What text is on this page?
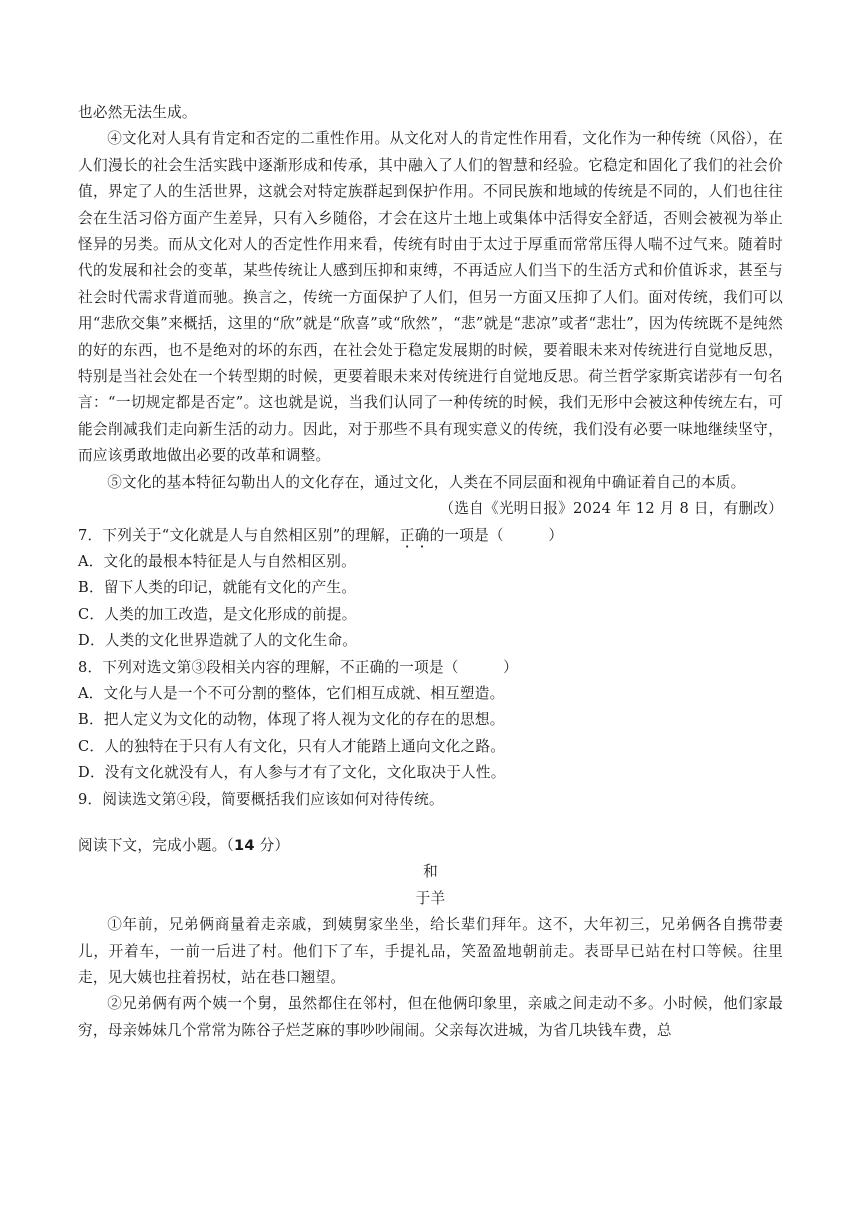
也必然无法生成。

④文化对人具有肯定和否定的二重性作用。从文化对人的肯定性作用看，文化作为一种传统（风俗），在人们漫长的社会生活实践中逐渐形成和传承，其中融入了人们的智慧和经验。它稳定和固化了我们的社会价值，界定了人的生活世界，这就会对特定族群起到保护作用。不同民族和地域的传统是不同的，人们也往往会在生活习俗方面产生差异，只有入乡随俗，才会在这片土地上或集体中活得安全舒适，否则会被视为举止怪异的另类。而从文化对人的否定性作用来看，传统有时由于太过于厚重而常常压得人喘不过气来。随着时代的发展和社会的变革，某些传统让人感到压抑和束缚，不再适应人们当下的生活方式和价值诉求，甚至与社会时代需求背道而驰。换言之，传统一方面保护了人们，但另一方面又压抑了人们。面对传统，我们可以用“悲欣交集”来概括，这里的“欣”就是“欣喜”或“欣然”，“悲”就是“悲凉”或者“悲壮”，因为传统既不是纯然的好的东西，也不是绝对的坏的东西，在社会处于稳定发展期的时候，要着眼未来对传统进行自觉地反思，特别是当社会处在一个转型期的时候，更要着眼未来对传统进行自觉地反思。荷兰哲学家斯宾诺莎有一句名言：“一切规定都是否定”。这也就是说，当我们认同了一种传统的时候，我们无形中会被这种传统左右，可能会削减我们走向新生活的动力。因此，对于那些不具有现实意义的传统，我们没有必要一味地继续坚守，而应该勇敢地做出必要的改革和调整。

⑤文化的基本特征勾勒出人的文化存在，通过文化，人类在不同层面和视角中确证着自己的本质。

（选自《光明日报》2024 年 12 月 8 日，有删改）

7．下列关于“文化就是人与自然相区别”的理解，正确的一项是（　　　）

A．文化的最根本特征是人与自然相区别。

B．留下人类的印记，就能有文化的产生。

C．人类的加工改造，是文化形成的前提。

D．人类的文化世界造就了人的文化生命。

8．下列对选文第③段相关内容的理解，不正确的一项是（　　　）

A．文化与人是一个不可分割的整体，它们相互成就、相互塑造。

B．把人定义为文化的动物，体现了将人视为文化的存在的思想。

C．人的独特在于只有人有文化，只有人才能踏上通向文化之路。

D．没有文化就没有人，有人参与才有了文化，文化取决于人性。

9．阅读选文第④段，简要概括我们应该如何对待传统。

阅读下文，完成小题。（14 分）

和

于羊

①年前，兄弟俩商量着走亲戚，到姨舅家坐坐，给长辈们拜年。这不，大年初三，兄弟俩各自携带妻儿，开着车，一前一后进了村。他们下了车，手提礼品，笑盈盈地朝前走。表哥早已站在村口等候。往里走，见大姨也拄着拐杖，站在巷口翘望。

②兄弟俩有两个姨一个舅，虽然都住在邻村，但在他俩印象里，亲戚之间走动不多。小时候，他们家最穷，母亲姊妹几个常常为陈谷子烂芝麻的事吵吵闹闹。父亲每次进城，为省几块钱车费，总
